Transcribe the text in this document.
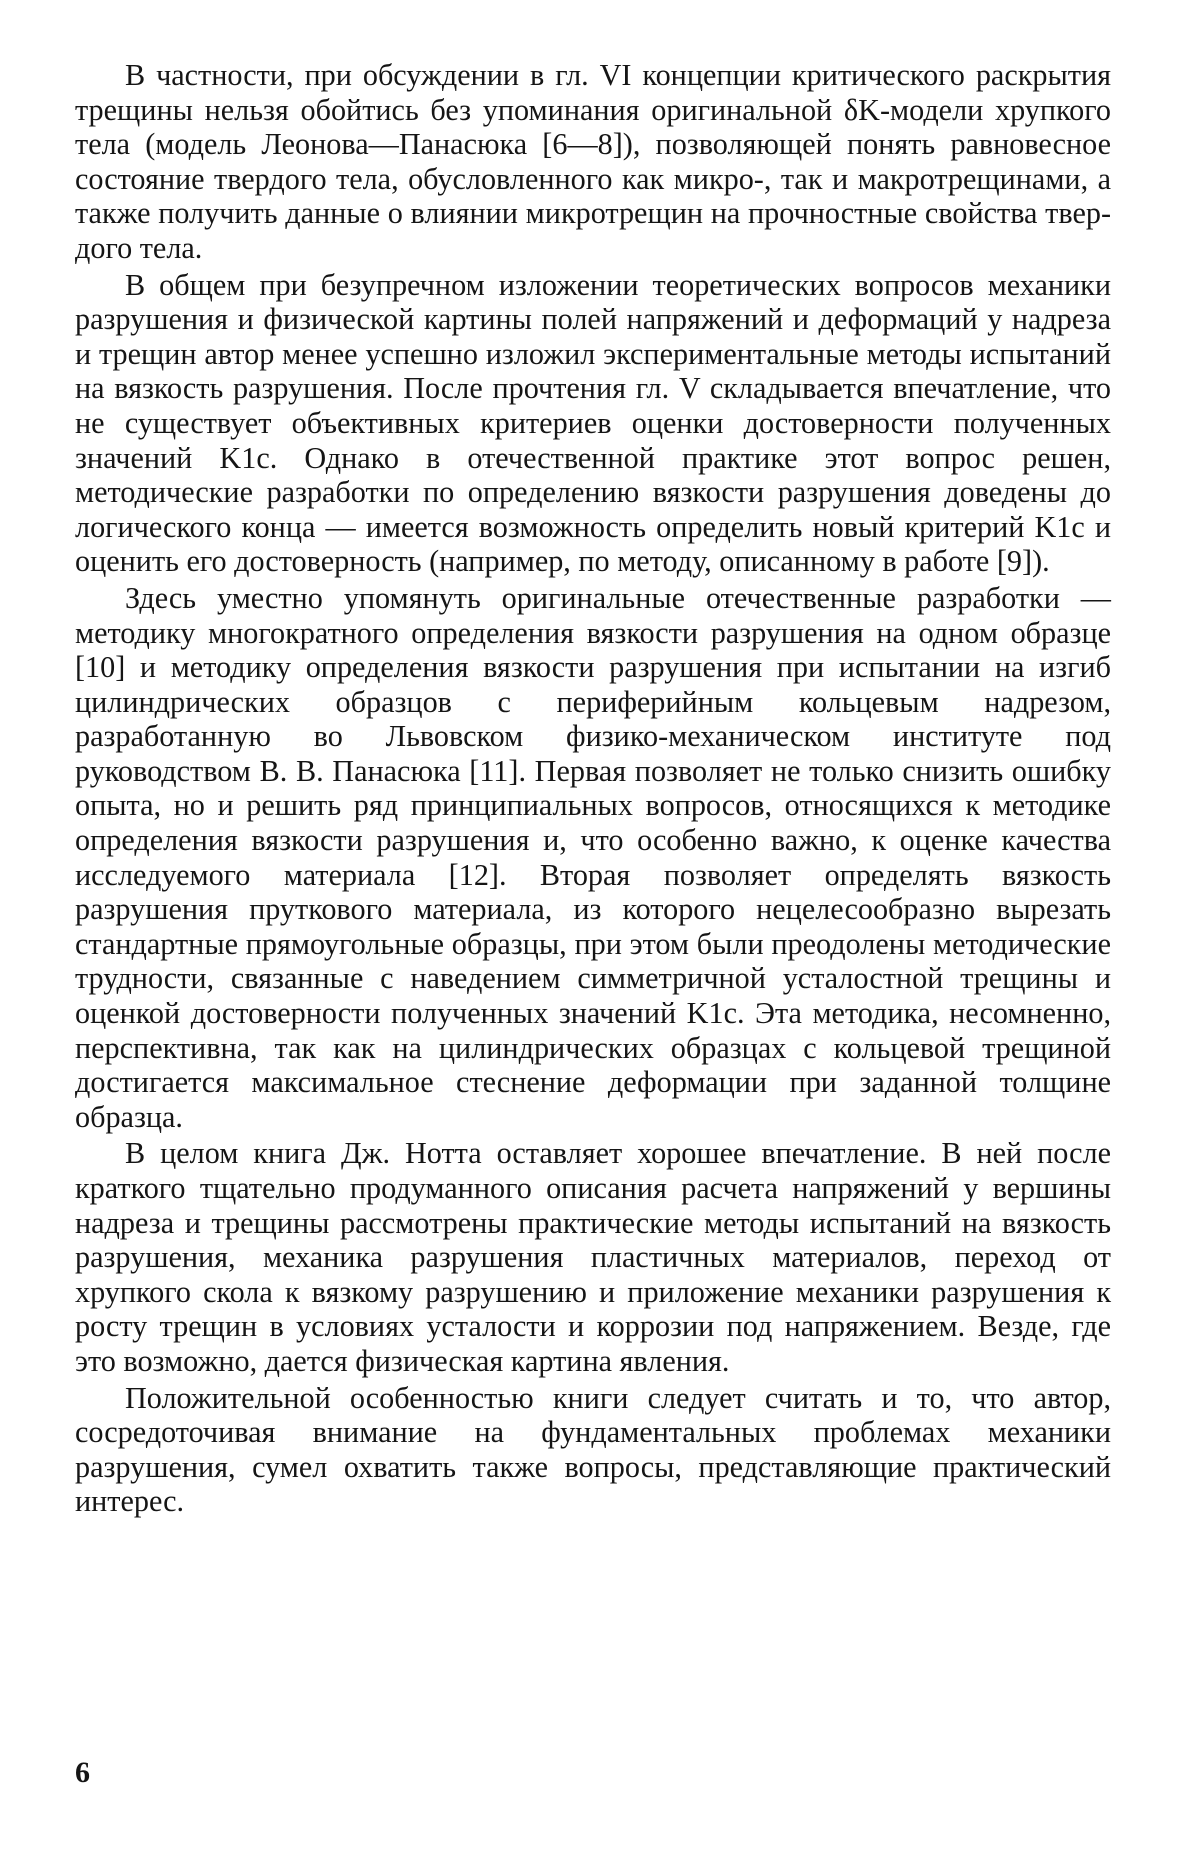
В частности, при обсуждении в гл. VI концепции критического раскрытия трещины нельзя обойтись без упоминания оригинальной δK-модели хрупкого тела (модель Леонова—Панасюка [6—8]), позволяющей понять равновесное состояние твердого тела, обусловленного как микро-, так и макротрещинами, а также получить данные о влиянии микротрещин на прочностные свойства твердого тела.

В общем при безупречном изложении теоретических вопросов механики разрушения и физической картины полей напряжений и деформаций у надреза и трещин автор менее успешно изложил экспериментальные методы испытаний на вязкость разрушения. После прочтения гл. V складывается впечатление, что не существует объективных критериев оценки достоверности полученных значений K1c. Однако в отечественной практике этот вопрос решен, методические разработки по определению вязкости разрушения доведены до логического конца — имеется возможность определить новый критерий K1c и оценить его достоверность (например, по методу, описанному в работе [9]).

Здесь уместно упомянуть оригинальные отечественные разработки — методику многократного определения вязкости разрушения на одном образце [10] и методику определения вязкости разрушения при испытании на изгиб цилиндрических образцов с периферийным кольцевым надрезом, разработанную во Львовском физико-механическом институте под руководством В. В. Панасюка [11]. Первая позволяет не только снизить ошибку опыта, но и решить ряд принципиальных вопросов, относящихся к методике определения вязкости разрушения и, что особенно важно, к оценке качества исследуемого материала [12]. Вторая позволяет определять вязкость разрушения пруткового материала, из которого нецелесообразно вырезать стандартные прямоугольные образцы, при этом были преодолены методические трудности, связанные с наведением симметричной усталостной трещины и оценкой достоверности полученных значений K1c. Эта методика, несомненно, перспективна, так как на цилиндрических образцах с кольцевой трещиной достигается максимальное стеснение деформации при заданной толщине образца.

В целом книга Дж. Нотта оставляет хорошее впечатление. В ней после краткого тщательно продуманного описания расчета напряжений у вершины надреза и трещины рассмотрены практические методы испытаний на вязкость разрушения, механика разрушения пластичных материалов, переход от хрупкого скола к вязкому разрушению и приложение механики разрушения к росту трещин в условиях усталости и коррозии под напряжением. Везде, где это возможно, дается физическая картина явления.

Положительной особенностью книги следует считать и то, что автор, сосредоточивая внимание на фундаментальных проблемах механики разрушения, сумел охватить также вопросы, представляющие практический интерес.

6
